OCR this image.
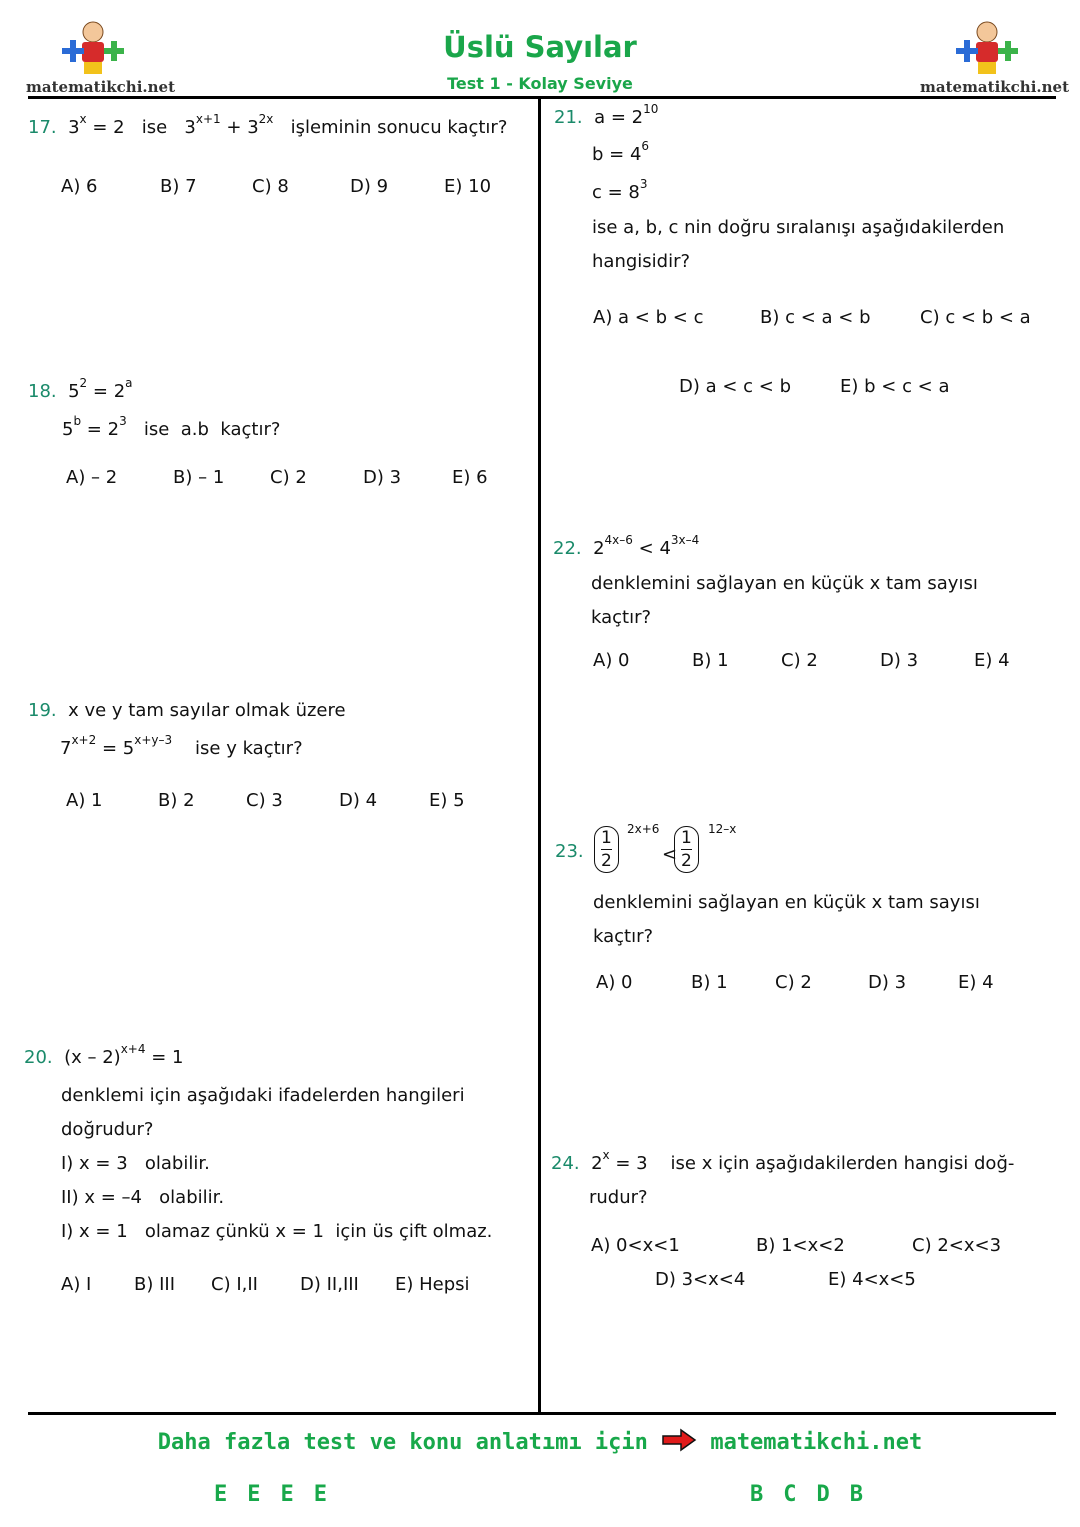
matematikchi.net
Üslü Sayılar
Test 1 - Kolay Seviye	matematikchi.net
17. $3^x = 2$   ise   $3^{x+1} + 3^{2x}$   işleminin sonucu kaçtır?
A) 6	B) 7	C) 8	D) 9	E) 10
18. $5^2 = 2^a$
$5^b = 2^3$   ise  a.b  kaçtır?
A) – 2	B) – 1	C) 2	D) 3	E) 6
19. x ve y tam sayılar olmak üzere
$7^{x+2} = 5^{x+y-3}$    ise y kaçtır?
A) 1	B) 2	C) 3	D) 4	E) 5
20. (x – 2)$^{x+4}$ = 1
denklemi için aşağıdaki ifadelerden hangileri
doğrudur?
I) x = 3   olabilir.
II) x = –4   olabilir.
I) x = 1   olamaz çünkü x = 1  için üs çift olmaz.
A) I B) III C) I,II D) II,III E) Hepsi
21. $a = 2^{10}$
$b = 4^6$
$c = 8^3$
ise a, b, c nin doğru sıralanışı aşağıdakilerden
hangisidir?
A) a < b < c	B) c < a < b	C) c < b < a
D) a < c < b	E) b < c < a
22. $2^{4x-6} < 4^{3x-4}$
denklemini sağlayan en küçük x tam sayısı
kaçtır?
A) 0	B) 1	C) 2	D) 3	E) 4
23. $\frac{1}{2} 2x+6$
<
$\frac{1}{2} 12-x$
denklemini sağlayan en küçük x tam sayısı
kaçtır?
A) 0	B) 1	C) 2	D) 3	E) 4
24. $2^x = 3$    ise x için aşağıdakilerden hangisi doğ-
rudur?
A) 0<x<1	B) 1<x<2	C) 2<x<3
D) 3<x<4	E) 4<x<5
Daha fazla test ve konu anlatımı için  matematikchi.net
EEEE	BCDB
